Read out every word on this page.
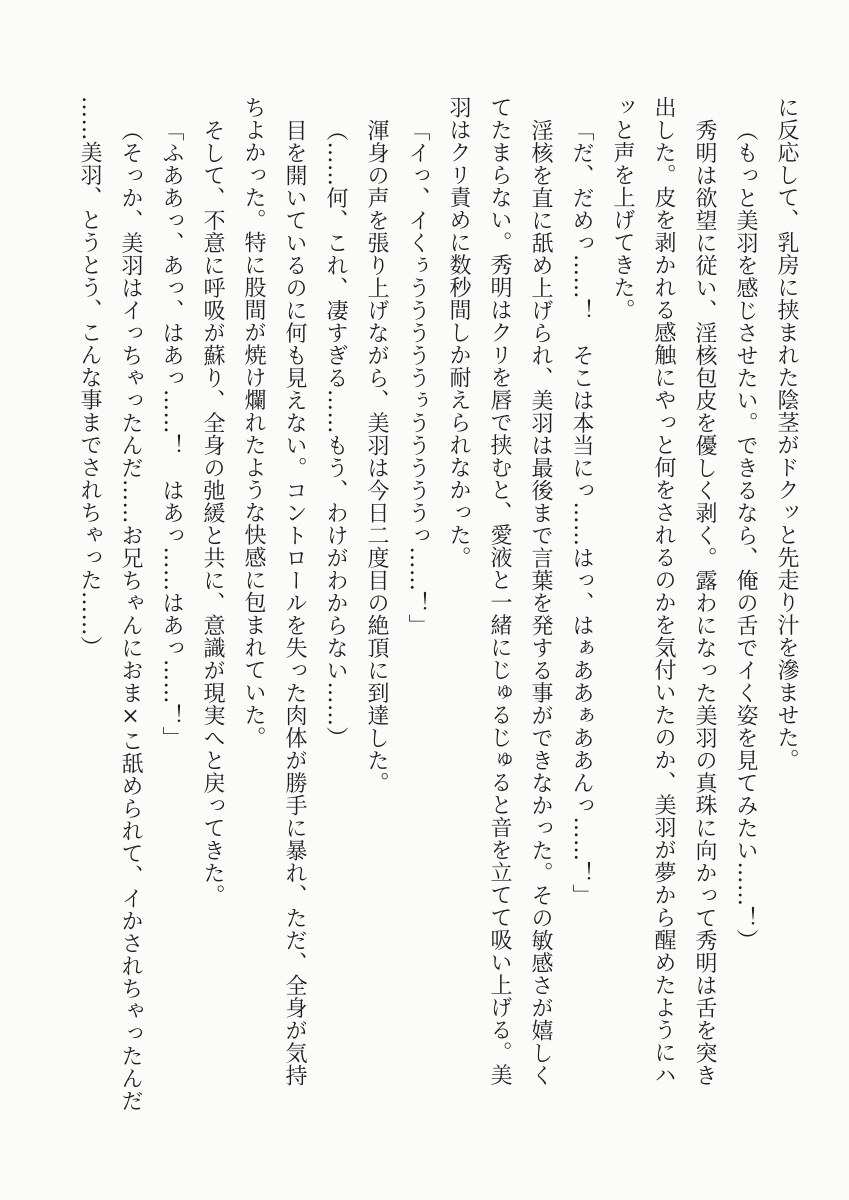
に反応して、乳房に挟まれた陰茎がドクッと先走り汁を滲ませた。
（もっと美羽を感じさせたい。できるなら、俺の舌でイく姿を見てみたい……！）
秀明は欲望に従い、淫核包皮を優しく剥く。露わになった美羽の真珠に向かって秀明は舌を突き
出した。皮を剥かれる感触にやっと何をされるのかを気付いたのか、美羽が夢から醒めたようにハ
ッと声を上げてきた。
「だ、だめっ……！　そこは本当にっ……はっ、はぁああぁああんっ……！」
淫核を直に舐め上げられ、美羽は最後まで言葉を発する事ができなかった。その敏感さが嬉しく
てたまらない。秀明はクリを唇で挟むと、愛液と一緒にじゅるじゅると音を立てて吸い上げる。美
羽はクリ責めに数秒間しか耐えられなかった。
「イっ、イくぅうううううぅうううううっ……！」
渾身の声を張り上げながら、美羽は今日二度目の絶頂に到達した。
（……何、これ、凄すぎる……もう、わけがわからない……）
目を開いているのに何も見えない。コントロールを失った肉体が勝手に暴れ、ただ、全身が気持
ちよかった。特に股間が焼け爛れたような快感に包まれていた。
そして、不意に呼吸が蘇り、全身の弛緩と共に、意識が現実へと戻ってきた。
「ふああっ、あっ、はあっ……！　はあっ……はあっ……！」
（そっか、美羽はイっちゃったんだ……お兄ちゃんにおま×こ舐められて、イかされちゃったんだ
……美羽、とうとう、こんな事までされちゃった……）
